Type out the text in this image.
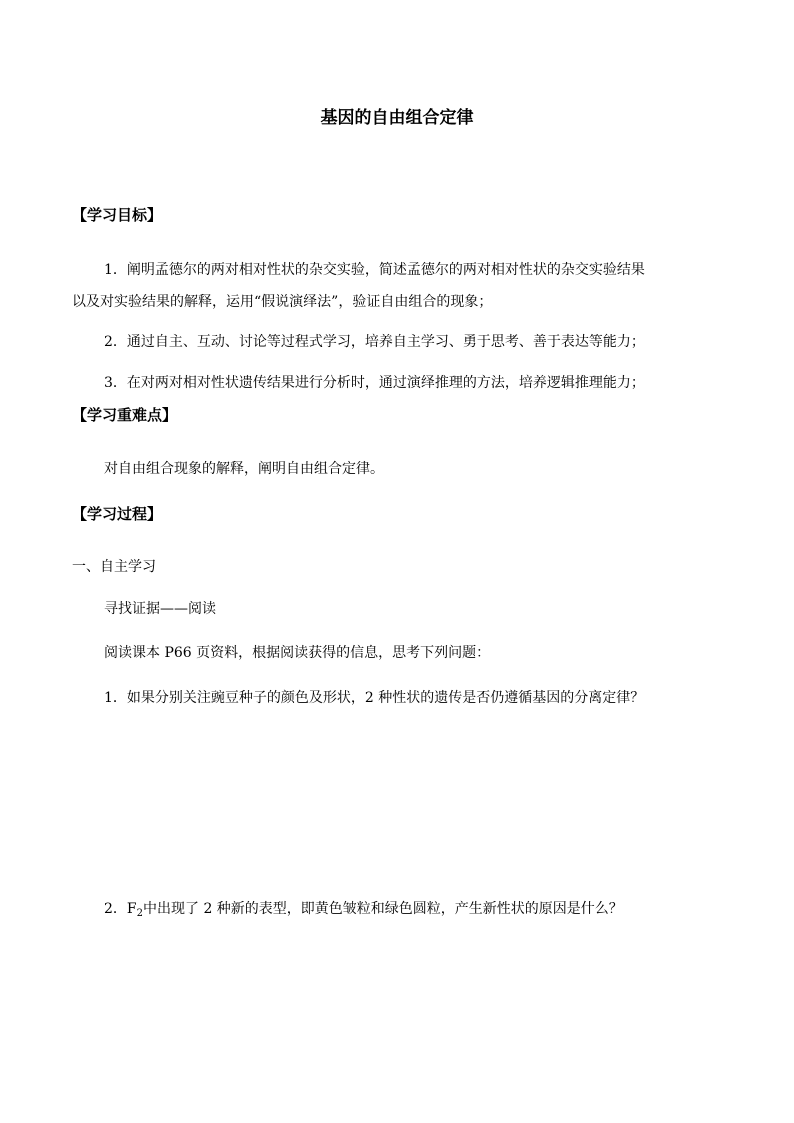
基因的自由组合定律
【学习目标】
1．阐明孟德尔的两对相对性状的杂交实验，简述孟德尔的两对相对性状的杂交实验结果
以及对实验结果的解释，运用“假说演绎法”，验证自由组合的现象；
2．通过自主、互动、讨论等过程式学习，培养自主学习、勇于思考、善于表达等能力；
3．在对两对相对性状遗传结果进行分析时，通过演绎推理的方法，培养逻辑推理能力；
【学习重难点】
对自由组合现象的解释，阐明自由组合定律。
【学习过程】
一、自主学习
寻找证据——阅读
阅读课本 P66 页资料，根据阅读获得的信息，思考下列问题：
1．如果分别关注豌豆种子的颜色及形状，2 种性状的遗传是否仍遵循基因的分离定律？
2．$F_2$中出现了 2 种新的表型，即黄色皱粒和绿色圆粒，产生新性状的原因是什么？
